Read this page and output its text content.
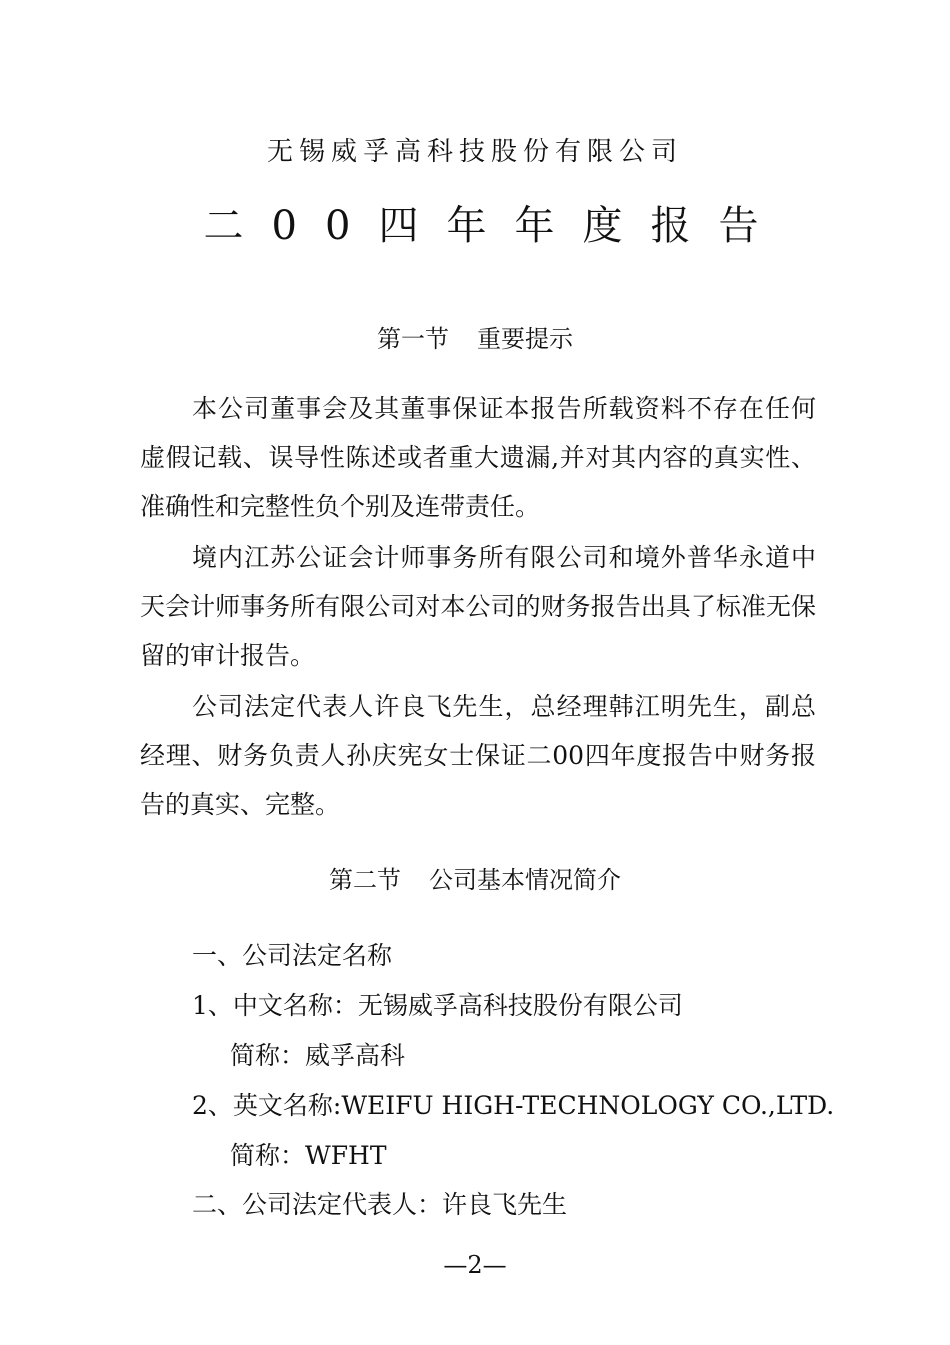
无锡威孚高科技股份有限公司
二00四年年度报告
第一节 重要提示

本公司董事会及其董事保证本报告所载资料不存在任何虚假记载、误导性陈述或者重大遗漏,并对其内容的真实性、准确性和完整性负个别及连带责任。

境内江苏公证会计师事务所有限公司和境外普华永道中天会计师事务所有限公司对本公司的财务报告出具了标准无保留的审计报告。

公司法定代表人许良飞先生，总经理韩江明先生，副总经理、财务负责人孙庆宪女士保证二00四年度报告中财务报告的真实、完整。

第二节 公司基本情况简介
一、公司法定名称
1、中文名称：无锡威孚高科技股份有限公司
简称：威孚高科
2、英文名称:WEIFU HIGH-TECHNOLOGY CO.,LTD.
简称：WFHT
二、公司法定代表人：许良飞先生
—2—
